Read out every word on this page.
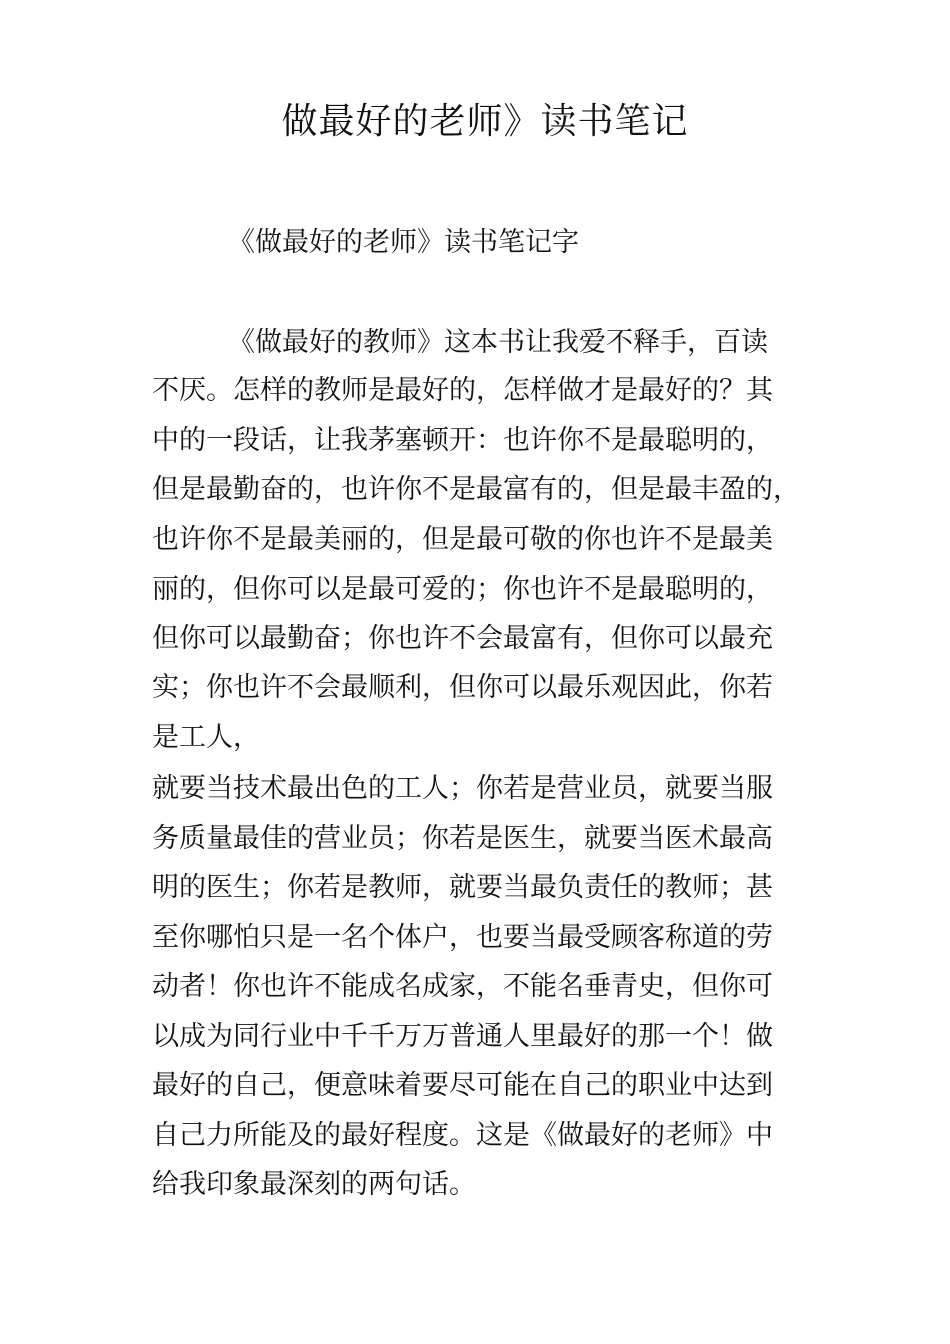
做最好的老师》读书笔记

《做最好的老师》读书笔记字

《做最好的教师》这本书让我爱不释手，百读

不厌。怎样的教师是最好的，怎样做才是最好的？其

中的一段话，让我茅塞顿开：也许你不是最聪明的，

但是最勤奋的，也许你不是最富有的，但是最丰盈的，

也许你不是最美丽的，但是最可敬的你也许不是最美

丽的，但你可以是最可爱的；你也许不是最聪明的，

但你可以最勤奋；你也许不会最富有，但你可以最充

实；你也许不会最顺利，但你可以最乐观因此，你若

是工人，

就要当技术最出色的工人；你若是营业员，就要当服

务质量最佳的营业员；你若是医生，就要当医术最高

明的医生；你若是教师，就要当最负责任的教师；甚

至你哪怕只是一名个体户，也要当最受顾客称道的劳

动者！你也许不能成名成家，不能名垂青史，但你可

以成为同行业中千千万万普通人里最好的那一个！做

最好的自己，便意味着要尽可能在自己的职业中达到

自己力所能及的最好程度。这是《做最好的老师》中

给我印象最深刻的两句话。
